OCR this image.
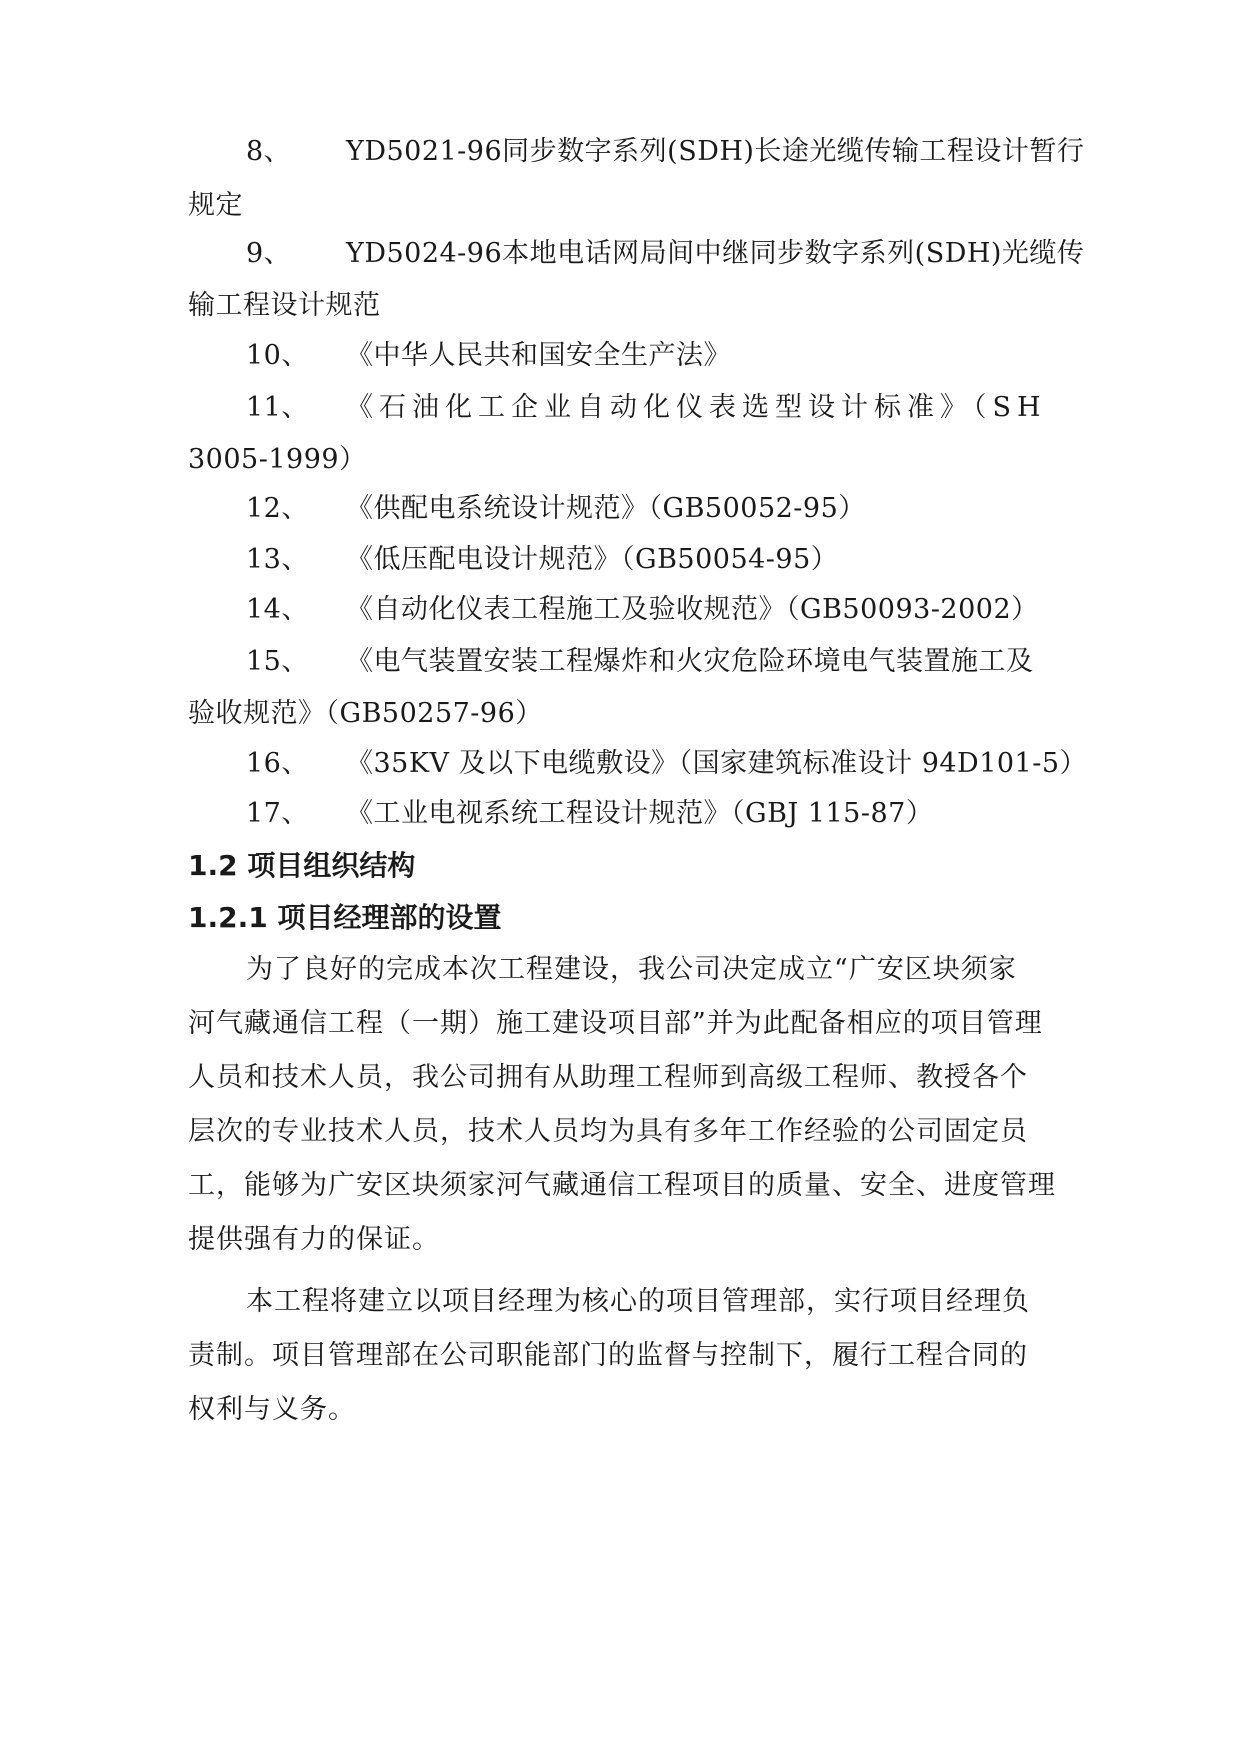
8、 YD5021-96同步数字系列(SDH)长途光缆传输工程设计暂行
规定
9、 YD5024-96本地电话网局间中继同步数字系列(SDH)光缆传
输工程设计规范
10、 《中华人民共和国安全生产法》
11、 《石油化工企业自动化仪表选型设计标准》（SH
3005-1999）
12、 《供配电系统设计规范》（GB50052-95）
13、 《低压配电设计规范》（GB50054-95）
14、 《自动化仪表工程施工及验收规范》（GB50093-2002）
15、 《电气装置安装工程爆炸和火灾危险环境电气装置施工及
验收规范》（GB50257-96）
16、 《35KV 及以下电缆敷设》（国家建筑标准设计 94D101-5）
17、 《工业电视系统工程设计规范》（GBJ 115-87）
1.2 项目组织结构
1.2.1 项目经理部的设置
为了良好的完成本次工程建设，我公司决定成立“广安区块须家
河气藏通信工程（一期）施工建设项目部”并为此配备相应的项目管理
人员和技术人员，我公司拥有从助理工程师到高级工程师、教授各个
层次的专业技术人员，技术人员均为具有多年工作经验的公司固定员
工，能够为广安区块须家河气藏通信工程项目的质量、安全、进度管理
提供强有力的保证。
本工程将建立以项目经理为核心的项目管理部，实行项目经理负
责制。项目管理部在公司职能部门的监督与控制下，履行工程合同的
权利与义务。
